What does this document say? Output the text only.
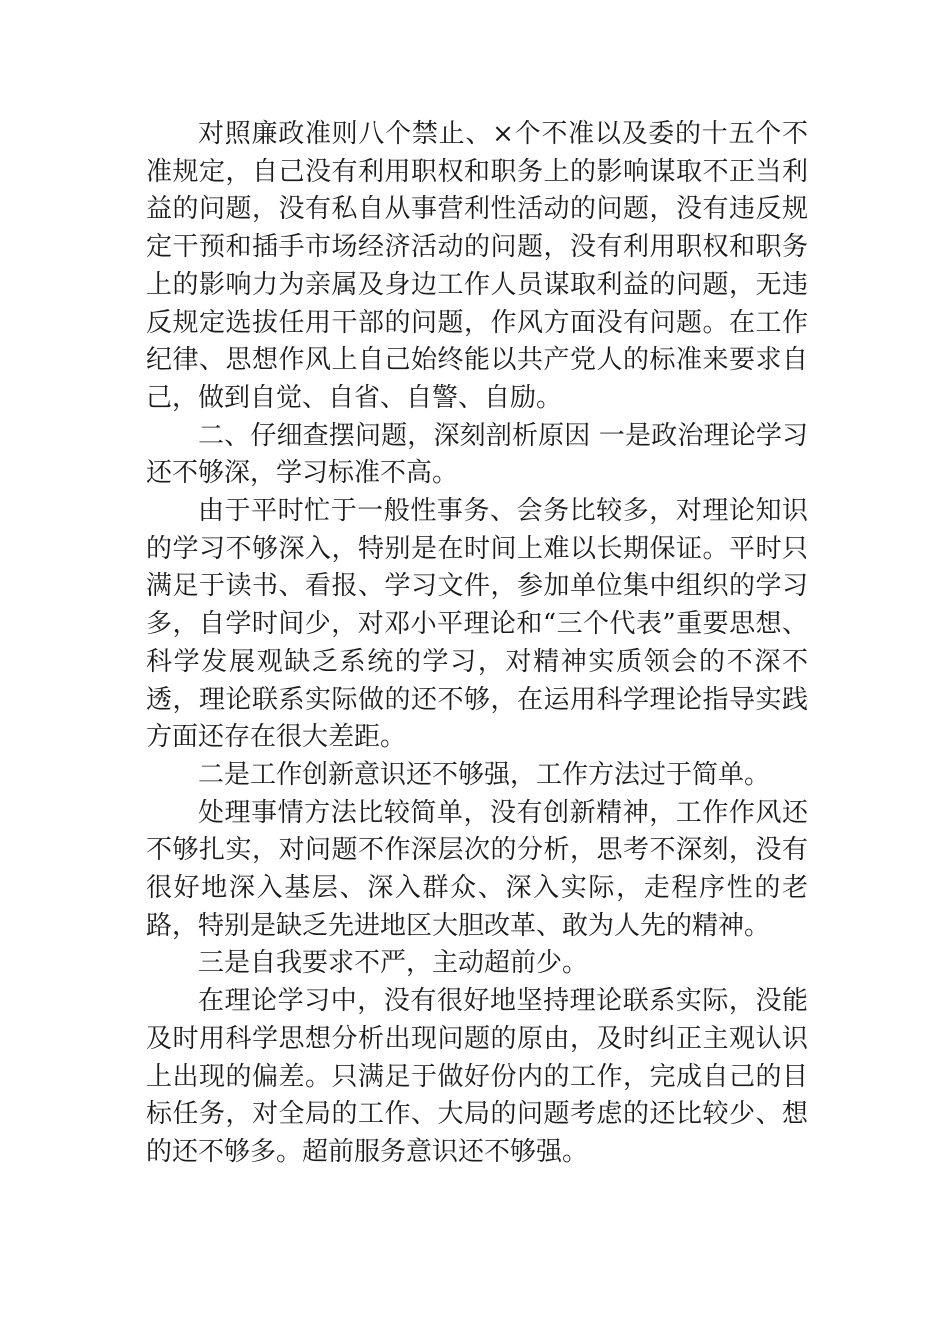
对照廉政准则八个禁止、×个不准以及委的十五个不准规定，自己没有利用职权和职务上的影响谋取不正当利益的问题，没有私自从事营利性活动的问题，没有违反规定干预和插手市场经济活动的问题，没有利用职权和职务上的影响力为亲属及身边工作人员谋取利益的问题，无违反规定选拔任用干部的问题，作风方面没有问题。在工作纪律、思想作风上自己始终能以共产党人的标准来要求自己，做到自觉、自省、自警、自励。

二、仔细查摆问题，深刻剖析原因 一是政治理论学习还不够深，学习标准不高。

由于平时忙于一般性事务、会务比较多，对理论知识的学习不够深入，特别是在时间上难以长期保证。平时只满足于读书、看报、学习文件，参加单位集中组织的学习多，自学时间少，对邓小平理论和“三个代表”重要思想、科学发展观缺乏系统的学习，对精神实质领会的不深不透，理论联系实际做的还不够，在运用科学理论指导实践方面还存在很大差距。

二是工作创新意识还不够强，工作方法过于简单。

处理事情方法比较简单，没有创新精神，工作作风还不够扎实，对问题不作深层次的分析，思考不深刻，没有很好地深入基层、深入群众、深入实际，走程序性的老路，特别是缺乏先进地区大胆改革、敢为人先的精神。

三是自我要求不严，主动超前少。

在理论学习中，没有很好地坚持理论联系实际，没能及时用科学思想分析出现问题的原由，及时纠正主观认识上出现的偏差。只满足于做好份内的工作，完成自己的目标任务，对全局的工作、大局的问题考虑的还比较少、想的还不够多。超前服务意识还不够强。
